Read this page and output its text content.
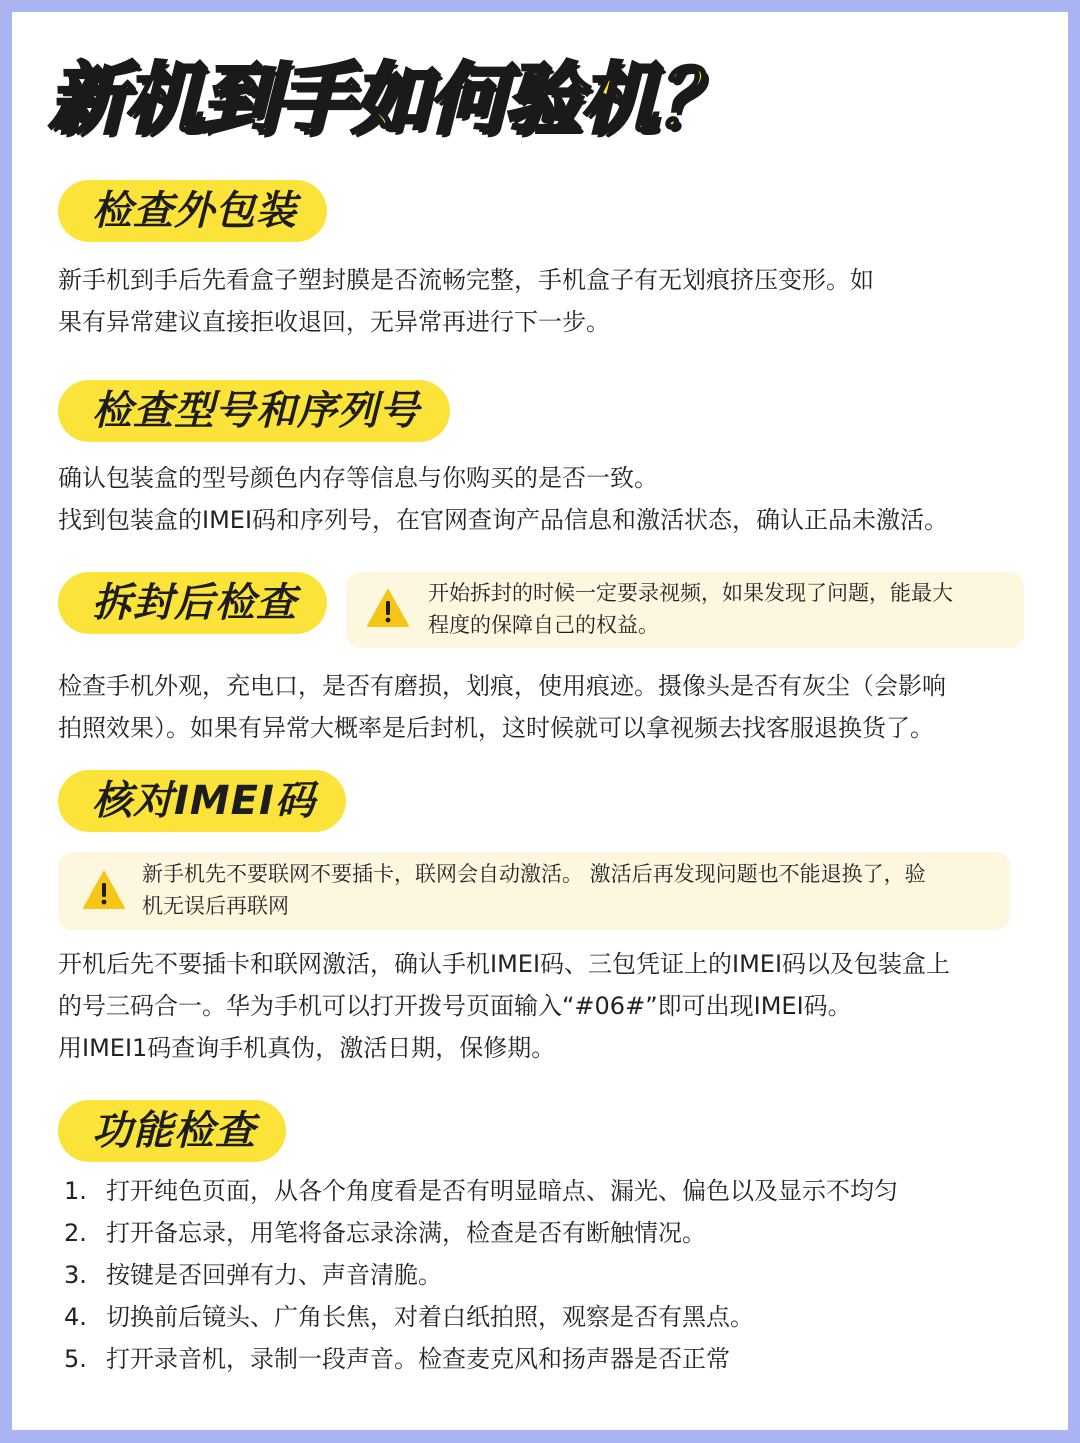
新机到手如何验机？
检查外包装
新手机到手后先看盒子塑封膜是否流畅完整，手机盒子有无划痕挤压变形。如
果有异常建议直接拒收退回，无异常再进行下一步。
检查型号和序列号
确认包装盒的型号颜色内存等信息与你购买的是否一致。
找到包装盒的IMEI码和序列号，在官网查询产品信息和激活状态，确认正品未激活。
拆封后检查	开始拆封的时候一定要录视频，如果发现了问题，能最大
程度的保障自己的权益。
检查手机外观，充电口，是否有磨损，划痕，使用痕迹。摄像头是否有灰尘（会影响
拍照效果）。如果有异常大概率是后封机，这时候就可以拿视频去找客服退换货了。
核对IMEI码
新手机先不要联网不要插卡，联网会自动激活。 激活后再发现问题也不能退换了，验
机无误后再联网
开机后先不要插卡和联网激活，确认手机IMEI码、三包凭证上的IMEI码以及包装盒上
的号三码合一。华为手机可以打开拨号页面输入“#06#”即可出现IMEI码。
用IMEI1码查询手机真伪，激活日期，保修期。
功能检查
1. 打开纯色页面，从各个角度看是否有明显暗点、漏光、偏色以及显示不均匀
2. 打开备忘录，用笔将备忘录涂满，检查是否有断触情况。
3. 按键是否回弹有力、声音清脆。
4. 切换前后镜头、广角长焦，对着白纸拍照，观察是否有黑点。
5. 打开录音机，录制一段声音。检查麦克风和扬声器是否正常
